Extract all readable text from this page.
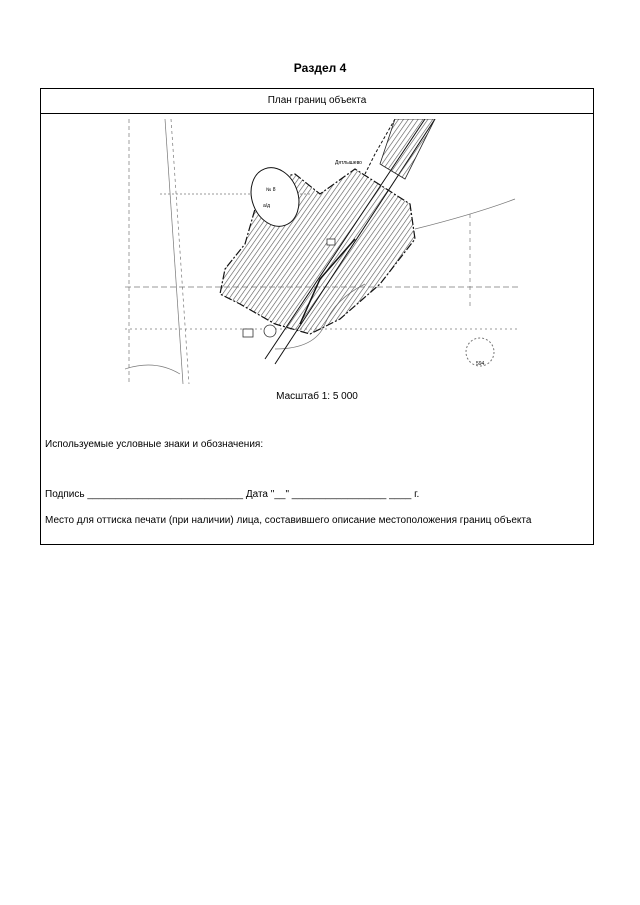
Раздел 4
План границ объекта
Дятлышево
№ 8
а/д
594
Масштаб 1: 5 000
Используемые условные знаки и обозначения:
Подпись ____________________________ Дата "__" _________________ ____ г.
Место для оттиска печати (при наличии) лица, составившего описание местоположения границ объекта
